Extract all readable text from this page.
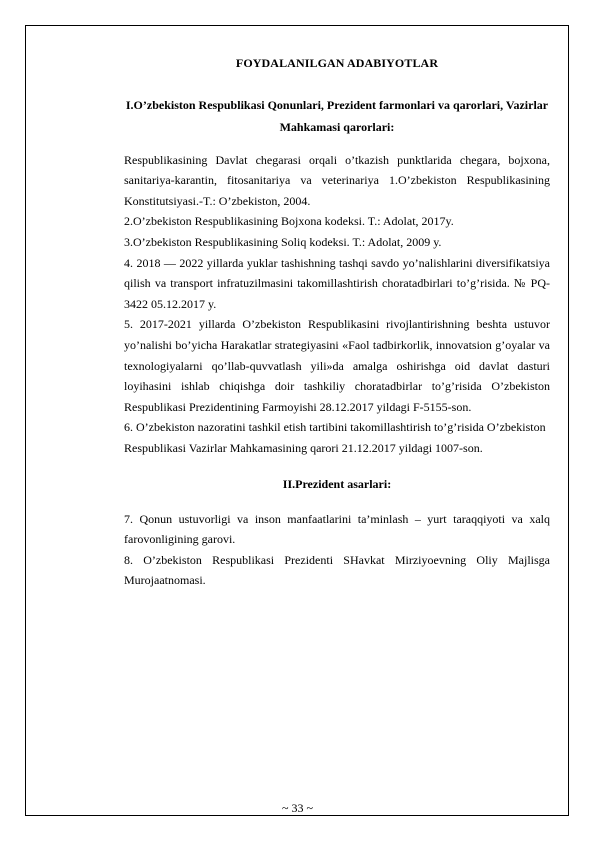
FOYDALANILGAN ADABIYOTLAR
I.O’zbekiston Respublikasi Qonunlari, Prezident farmonlari va qarorlari, Vazirlar Mahkamasi qarorlari:

Respublikasining Davlat chegarasi orqali o’tkazish punktlarida chegara, bojxona, sanitariya-karantin, fitosanitariya va veterinariya 1.O’zbekiston Respublikasining Konstitutsiyasi.-T.: O’zbekiston, 2004.

2.O’zbekiston Respublikasining Bojxona kodeksi. T.: Adolat, 2017y.

3.O’zbekiston Respublikasining Soliq kodeksi. T.: Adolat, 2009 y.

4. 2018 — 2022 yillarda yuklar tashishning tashqi savdo yo’nalishlarini diversifikatsiya qilish va transport infratuzilmasini takomillashtirish choratadbirlari to’g’risida. № PQ-3422 05.12.2017 y.

5. 2017-2021 yillarda O’zbekiston Respublikasini rivojlantirishning beshta ustuvor yo’nalishi bo’yicha Harakatlar strategiyasini «Faol tadbirkorlik, innovatsion g’oyalar va texnologiyalarni qo’llab-quvvatlash yili»da amalga oshirishga oid davlat dasturi loyihasini ishlab chiqishga doir tashkiliy choratadbirlar to’g’risida O’zbekiston Respublikasi Prezidentining Farmoyishi 28.12.2017 yildagi F-5155-son.

6. O’zbekiston nazoratini tashkil etish tartibini takomillashtirish to’g’risida O’zbekiston

Respublikasi Vazirlar Mahkamasining qarori 21.12.2017 yildagi 1007-son.

II.Prezident asarlari:

7. Qonun ustuvorligi va inson manfaatlarini ta’minlash – yurt taraqqiyoti va xalq farovonligining garovi.

8. O’zbekiston Respublikasi Prezidenti SHavkat Mirziyoevning Oliy Majlisga Murojaatnomasi.

~ 33 ~
